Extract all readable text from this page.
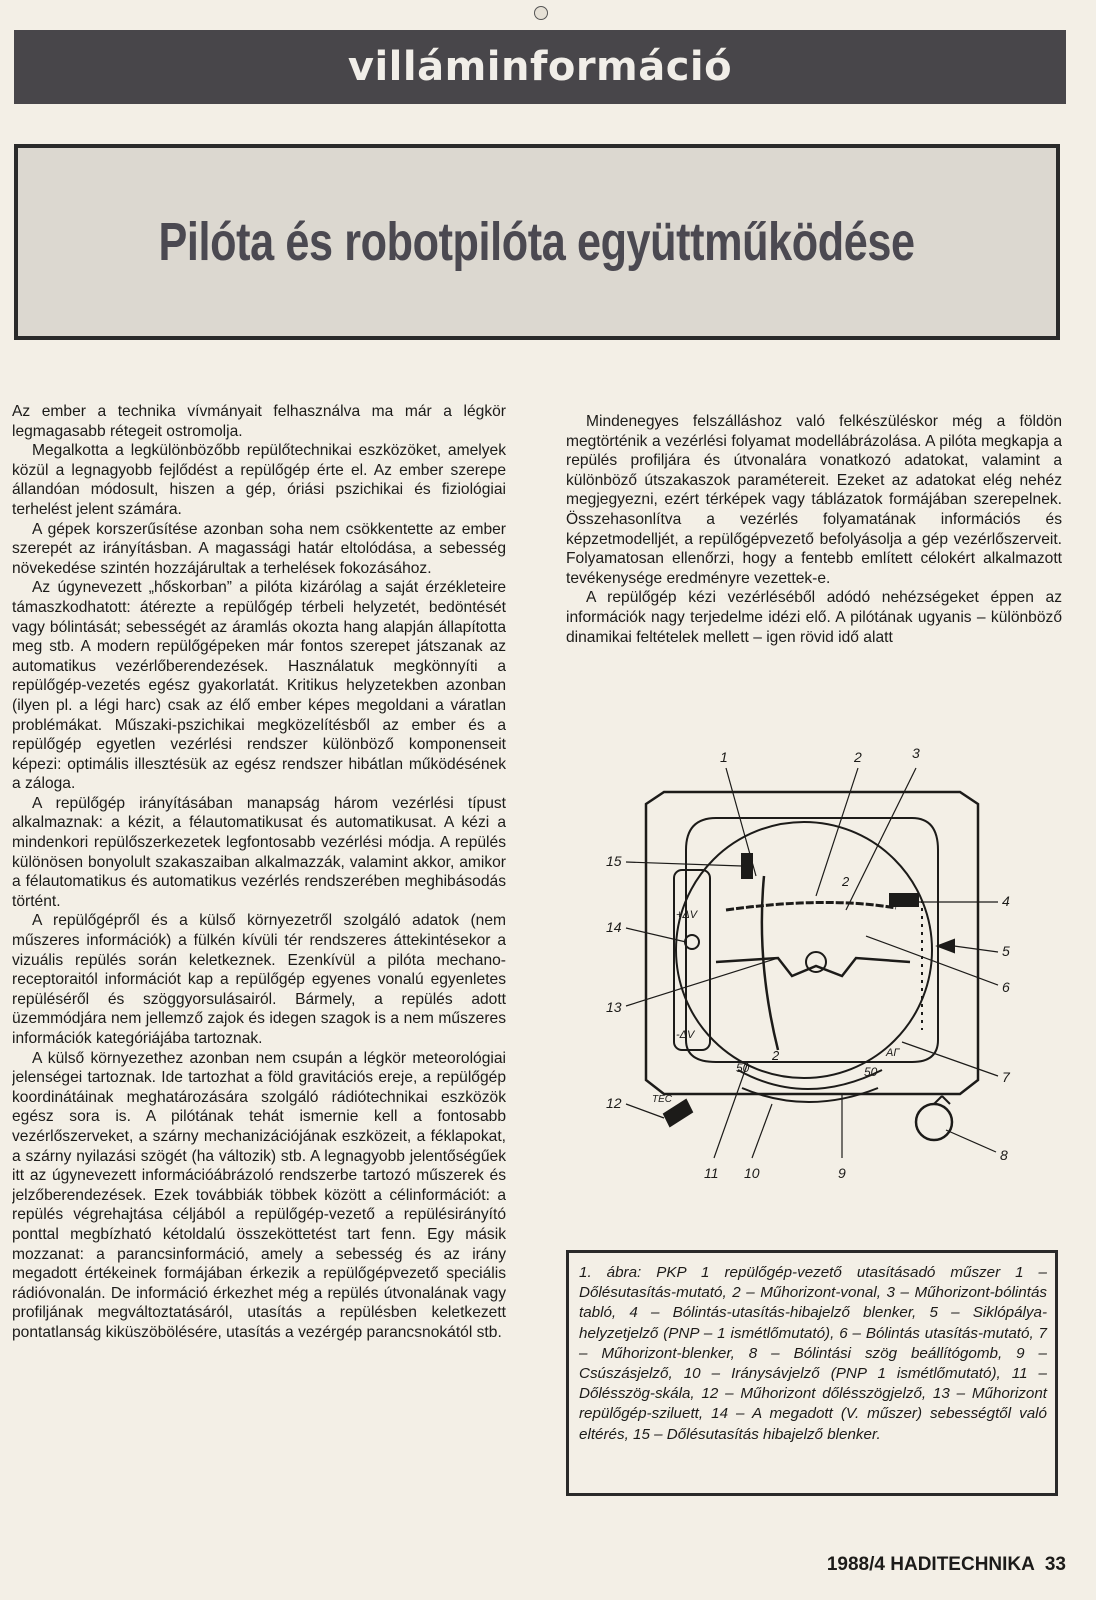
villáminformáció
Pilóta és robotpilóta együttműködése

Az ember a technika vívmányait felhasználva ma már a légkör legmagasabb rétegeit ostromolja.

Megalkotta a legkülönbözőbb repülőtechnikai eszközöket, amelyek közül a legnagyobb fejlődést a repülőgép érte el. Az ember szerepe állandóan módosult, hiszen a gép, óriási pszichikai és fiziológiai terhelést jelent számára.

A gépek korszerűsítése azonban soha nem csökkentette az ember szerepét az irányításban. A magassági határ eltolódása, a sebesség növekedése szintén hozzájárultak a terhelések fokozásához.

Az úgynevezett „hőskorban” a pilóta kizárólag a saját érzékleteire támaszkodhatott: átérezte a repülőgép térbeli helyzetét, bedöntését vagy bólintását; sebességét az áramlás okozta hang alapján állapította meg stb. A modern repülőgépeken már fontos szerepet játszanak az automatikus vezérlőberendezések. Használatuk megkönnyíti a repülőgép-vezetés egész gyakorlatát. Kritikus helyzetekben azonban (ilyen pl. a légi harc) csak az élő ember képes megoldani a váratlan problémákat. Műszaki-pszichikai megközelítésből az ember és a repülőgép egyetlen vezérlési rendszer különböző komponenseit képezi: optimális illesztésük az egész rendszer hibátlan működésének a záloga.

A repülőgép irányításában manapság három vezérlési típust alkalmaznak: a kézit, a félautomatikusat és automatikusat. A kézi a mindenkori repülőszerkezetek legfontosabb vezérlési módja. A repülés különösen bonyolult szakaszaiban alkalmazzák, valamint akkor, amikor a félautomatikus és automatikus vezérlés rendszerében meghibásodás történt.

A repülőgépről és a külső környezetről szolgáló adatok (nem műszeres információk) a fülkén kívüli tér rendszeres áttekintésekor a vizuális repülés során keletkeznek. Ezenkívül a pilóta mechano-receptoraitól információt kap a repülőgép egyenes vonalú egyenletes repüléséről és szöggyorsulásairól. Bármely, a repülés adott üzemmódjára nem jellemző zajok és idegen szagok is a nem műszeres információk kategóriájába tartoznak.

A külső környezethez azonban nem csupán a légkör meteorológiai jelenségei tartoznak. Ide tartozhat a föld gravitációs ereje, a repülőgép koordinátáinak meghatározására szolgáló rádiótechnikai eszközök egész sora is. A pilótának tehát ismernie kell a fontosabb vezérlőszerveket, a szárny mechanizációjának eszközeit, a féklapokat, a szárny nyilazási szögét (ha változik) stb. A legnagyobb jelentőségűek itt az úgynevezett információábrázoló rendszerbe tartozó műszerek és jelzőberendezések. Ezek továbbiák többek között a célinformációt: a repülés végrehajtása céljából a repülőgép-vezető a repülésirányító ponttal megbízható kétoldalú összeköttetést tart fenn. Egy másik mozzanat: a parancsinformáció, amely a sebesség és az irány megadott értékeinek formájában érkezik a repülőgépvezető speciális rádióvonalán. De információ érkezhet még a repülés útvonalának vagy profiljának megváltoztatásáról, utasítás a repülésben keletkezett pontatlanság kiküszöbölésére, utasítás a vezérgép parancsnokától stb.

Mindenegyes felszálláshoz való felkészüléskor még a földön megtörténik a vezérlési folyamat modellábrázolása. A pilóta megkapja a repülés profiljára és útvonalára vonatkozó adatokat, valamint a különböző útszakaszok paramétereit. Ezeket az adatokat elég nehéz megjegyezni, ezért térképek vagy táblázatok formájában szerepelnek. Összehasonlítva a vezérlés folyamatának információs és képzetmodelljét, a repülőgépvezető befolyásolja a gép vezérlőszerveit. Folyamatosan ellenőrzi, hogy a fentebb említett célokért alkalmazott tevékenysége eredményre vezettek-e.

A repülőgép kézi vezérléséből adódó nehézségeket éppen az információk nagy terjedelme idézi elő. A pilótának ugyanis – különböző dinamikai feltételek mellett – igen rövid idő alatt

1	2	3
4
5
6
7
8
9
10
11
12
13
14
15
+ΔV
-ΔV
TEC
50	50
AГ
2
2
1. ábra: PKP 1 repülőgép-vezető utasításadó műszer 1 – Dőlésutasítás-mutató, 2 – Műhorizont-vonal, 3 – Műhorizont-bólintás tabló, 4 – Bólintás-utasítás-hibajelző blenker, 5 – Siklópálya-helyzetjelző (PNP – 1 ismétlőmutató), 6 – Bólintás utasítás-mutató, 7 – Műhorizont-blenker, 8 – Bólintási szög beállítógomb, 9 – Csúszásjelző, 10 – Iránysávjelző (PNP 1 ismétlőmutató), 11 – Dőlésszög-skála, 12 – Műhorizont dőlésszögjelző, 13 – Műhorizont repülőgép-sziluett, 14 – A megadott (V. műszer) sebességtől való eltérés, 15 – Dőlésutasítás hibajelző blenker.
1988/4 HADITECHNIKA 33
